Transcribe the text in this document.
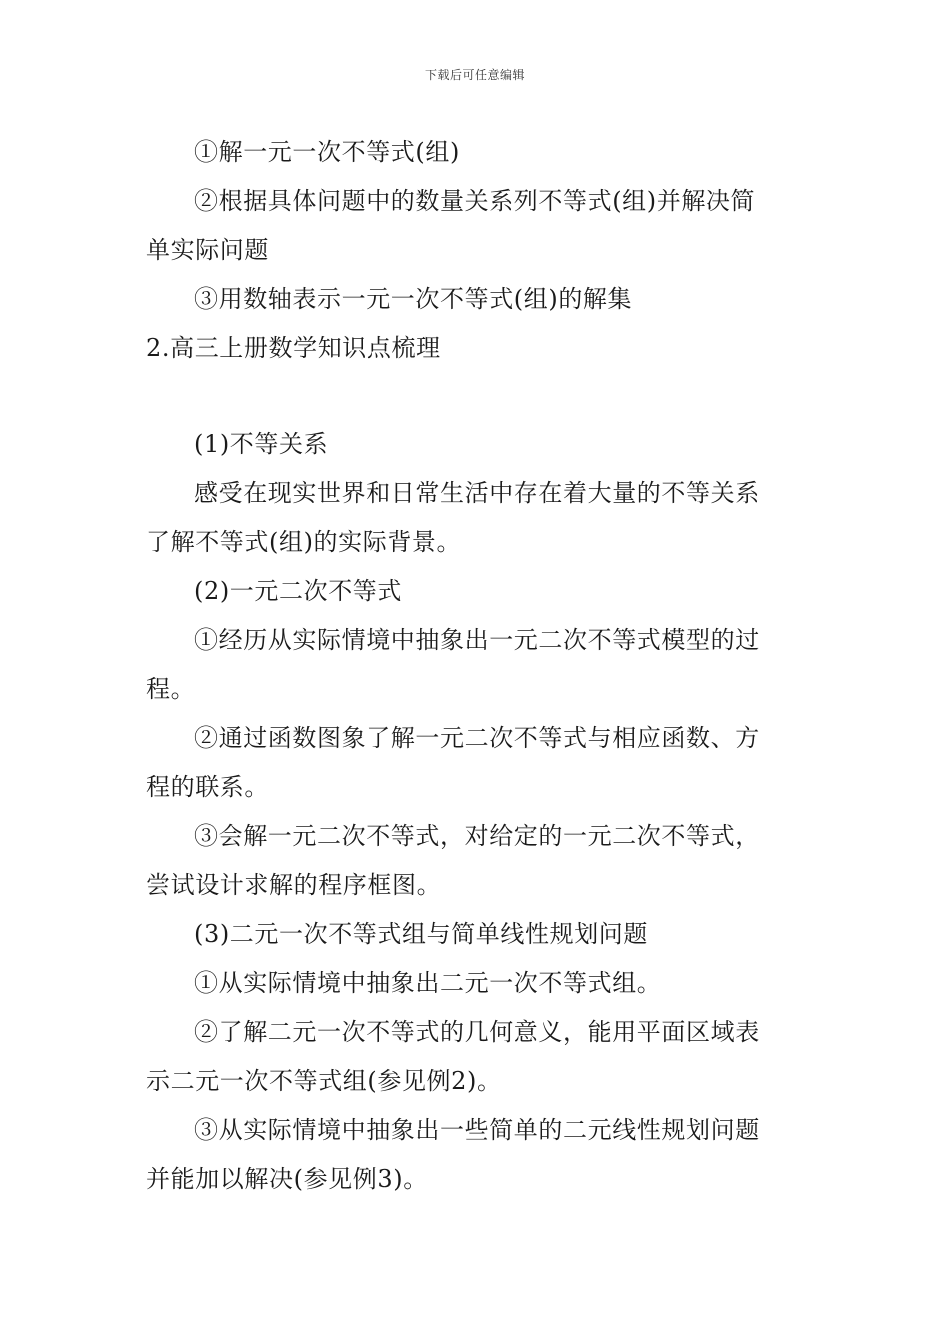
下载后可任意编辑
①解一元一次不等式(组)
②根据具体问题中的数量关系列不等式(组)并解决简
单实际问题
③用数轴表示一元一次不等式(组)的解集
2.高三上册数学知识点梳理
(1)不等关系
感受在现实世界和日常生活中存在着大量的不等关系
了解不等式(组)的实际背景。
(2)一元二次不等式
①经历从实际情境中抽象出一元二次不等式模型的过
程。
②通过函数图象了解一元二次不等式与相应函数、方
程的联系。
③会解一元二次不等式，对给定的一元二次不等式，
尝试设计求解的程序框图。
(3)二元一次不等式组与简单线性规划问题
①从实际情境中抽象出二元一次不等式组。
②了解二元一次不等式的几何意义，能用平面区域表
示二元一次不等式组(参见例2)。
③从实际情境中抽象出一些简单的二元线性规划问题
并能加以解决(参见例3)。
